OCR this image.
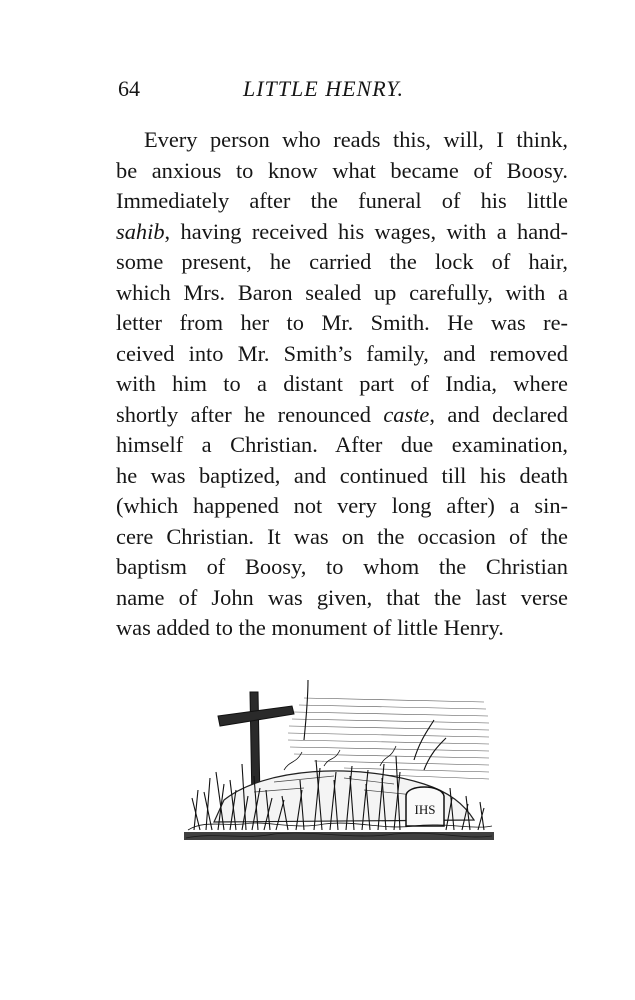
64	LITTLE HENRY.
Every person who reads this, will, I think,
be anxious to know what became of Boosy.
Immediately after the funeral of his little
sahib, having received his wages, with a hand-
some present, he carried the lock of hair,
which Mrs. Baron sealed up carefully, with a
letter from her to Mr. Smith. He was re-
ceived into Mr. Smith’s family, and removed
with him to a distant part of India, where
shortly after he renounced caste, and declared
himself a Christian. After due examination,
he was baptized, and continued till his death
(which happened not very long after) a sin-
cere Christian. It was on the occasion of the
baptism of Boosy, to whom the Christian
name of John was given, that the last verse
was added to the monument of little Henry.
IHS
